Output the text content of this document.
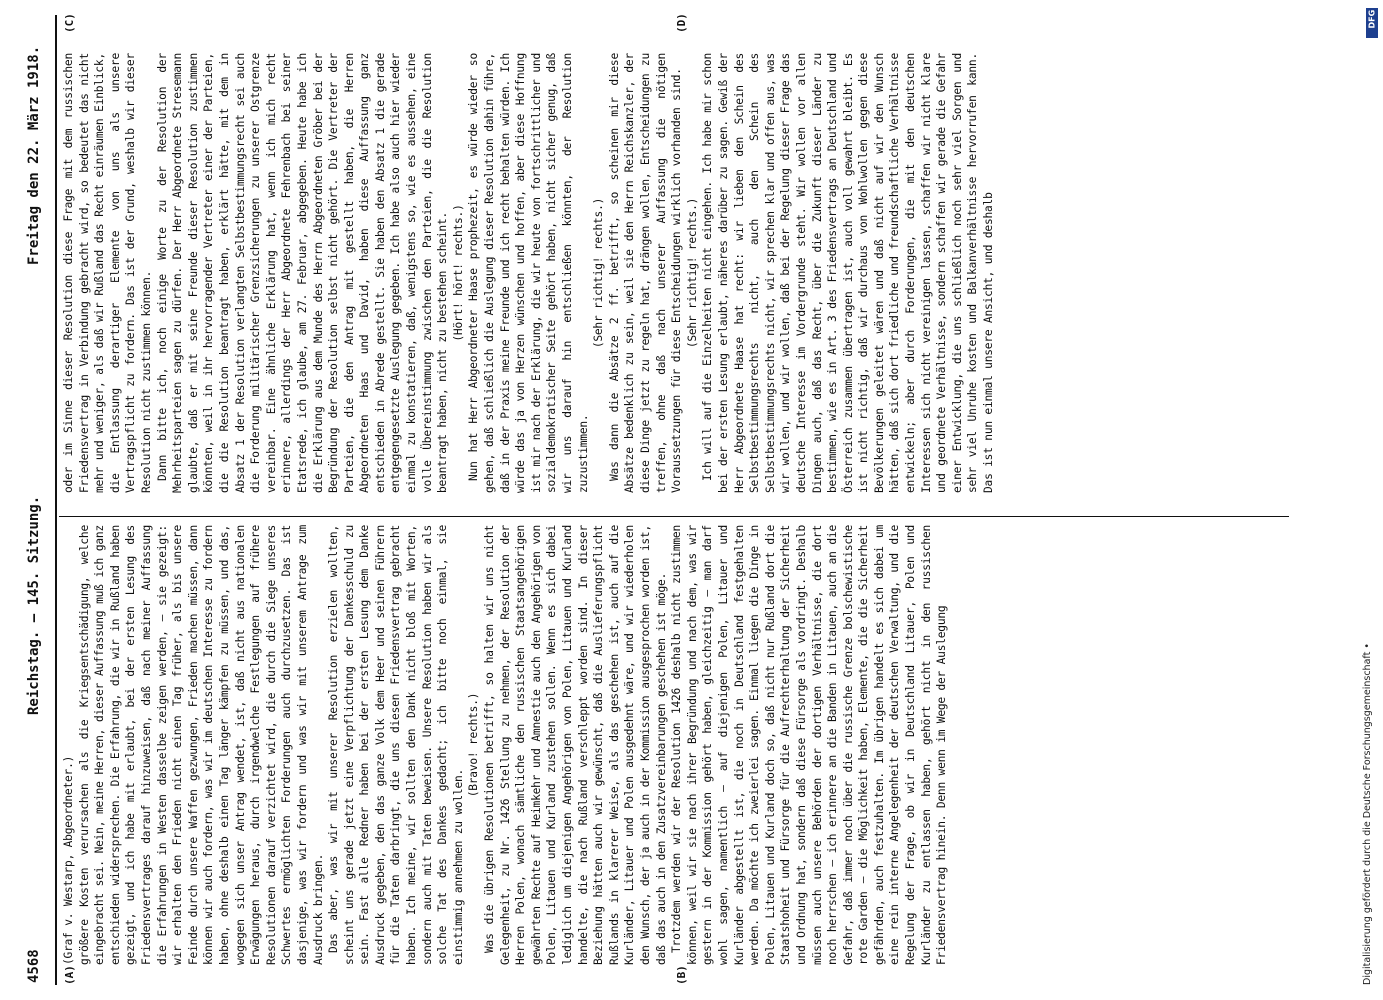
4568
Reichstag. — 145. Sitzung.
Freitag den 22. März 1918.
(A)	(B)
(C)	(D)

(Graf v. Westarp, Abgeordneter.) größere Kosten verursachen als die Kriegsentschädigung, welche eingebracht sei. Nein, meine Herren, dieser Auffassung muß ich ganz entschieden widersprechen. Die Erfahrung, die wir in Rußland haben gezeigt, und ich habe mit erlaubt, bei der ersten Lesung des Friedensvertrages darauf hinzuweisen, daß nach meiner Auffassung die Erfahrungen in Westen dasselbe zeigen werden, — sie gezeigt: wir erhalten den Frieden nicht einen Tag früher, als bis unsere Feinde durch unsere Waffen gezwungen, Frieden machen müssen, dann können wir auch fordern, was wir im deutschen Interesse zu fordern haben, ohne deshalb einen Tag länger kämpfen zu müssen, und das, wogegen sich unser Antrag wendet, ist, daß nicht aus nationalen Erwägungen heraus, durch irgendwelche Festlegungen auf frühere Resolutionen darauf verzichtet wird, die durch die Siege unseres Schwertes ermöglichten Forderungen auch durchzusetzen. Das ist dasjenige, was wir fordern und was wir mit unserem Antrage zum Ausdruck bringen. Das aber, was wir mit unserer Resolution erzielen wollten, scheint uns gerade jetzt eine Verpflichtung der Dankesschuld zu sein. Fast alle Redner haben bei der ersten Lesung dem Danke Ausdruck gegeben, den das ganze Volk dem Heer und seinen Führern für die Taten darbringt, die uns diesen Friedensvertrag gebracht haben. Ich meine, wir sollten den Dank nicht bloß mit Worten, sondern auch mit Taten beweisen. Unsere Resolution haben wir als solche Tat des Dankes gedacht; ich bitte noch einmal, sie einstimmig annehmen zu wollen.

(Bravo! rechts.) Was die übrigen Resolutionen betrifft, so halten wir uns nicht Gelegenheit, zu Nr. 1426 Stellung zu nehmen, der Resolution der Herren Polen, wonach sämtliche den russischen Staatsangehörigen gewährten Rechte auf Heimkehr und Amnestie auch den Angehörigen von Polen, Litauen und Kurland zustehen sollen. Wenn es sich dabei lediglich um diejenigen Angehörigen von Polen, Litauen und Kurland handelte, die nach Rußland verschleppt worden sind. In dieser Beziehung hätten auch wir gewünscht, daß die Auslieferungspflicht Rußlands in klarerer Weise, als das geschehen ist, auch auf die Kurländer, Litauer und Polen ausgedehnt wäre, und wir wiederholen den Wunsch, der ja auch in der Kommission ausgesprochen worden ist, daß das auch in den Zusatzvereinbarungen geschehen ist möge. Trotzdem werden wir der Resolution 1426 deshalb nicht zustimmen können, weil wir sie nach ihrer Begründung und nach dem, was wir gestern in der Kommission gehört haben, gleichzeitig — man darf wohl sagen, namentlich — auf diejenigen Polen, Litauer und Kurländer abgestellt ist, die noch in Deutschland festgehalten werden. Da möchte ich zweierlei sagen. Einmal liegen die Dinge in Polen, Litauen und Kurland doch so, daß nicht nur Rußland dort die Staatshoheit und Fürsorge für die Aufrechterhaltung der Sicherheit und Ordnung hat, sondern daß diese Fürsorge als vordringt. Deshalb müssen auch unsere Behörden der dortigen Verhältnisse, die dort noch herrschen — ich erinnere an die Banden in Litauen, auch an die Gefahr, daß immer noch über die russische Grenze bolschewistische rote Garden — die Möglichkeit haben, Elemente, die die Sicherheit gefährden, auch festzuhalten. Im übrigen handelt es sich dabei um eine rein interne Angelegenheit der deutschen Verwaltung, und die Regelung der Frage, ob wir in Deutschland Litauer, Polen und Kurländer zu entlassen haben, gehört nicht in den russischen Friedensvertrag hinein. Denn wenn im Wege der Auslegung

oder im Sinne dieser Resolution diese Frage mit dem russischen Friedensvertrag in Verbindung gebracht wird, so bedeutet das nicht mehr und weniger, als daß wir Rußland das Recht einräumen Einblick, die Entlassung derartiger Elemente von uns als unsere Vertragspflicht zu fordern. Das ist der Grund, weshalb wir dieser Resolution nicht zustimmen können. Dann bitte ich, noch einige Worte zu der Resolution der Mehrheitsparteien sagen zu dürfen. Der Herr Abgeordnete Stresemann glaubte, daß er mit seine Freunde dieser Resolution zustimmen könnten, weil in ihr hervorragender Vertreter einer der Parteien, die die Resolution beantragt haben, erklärt hätte, mit dem in Absatz 1 der Resolution verlangten Selbstbestimmungsrecht sei auch die Forderung militärischer Grenzsicherungen zu unserer Ostgrenze vereinbar. Eine ähnliche Erklärung hat, wenn ich mich recht erinnere, allerdings der Herr Abgeordnete Fehrenbach bei seiner Etatsrede, ich glaube, am 27. Februar, abgegeben. Heute habe ich die Erklärung aus dem Munde des Herrn Abgeordneten Gröber bei der Begründung der Resolution selbst nicht gehört. Die Vertreter der Parteien, die den Antrag mit gestellt haben, die Herren Abgeordneten Haas und David, haben diese Auffassung ganz entschieden in Abrede gestellt. Sie haben den Absatz 1 die gerade entgegengesetzte Auslegung gegeben. Ich habe also auch hier wieder einmal zu konstatieren, daß, wenigstens so, wie es aussehen, eine volle Übereinstimmung zwischen den Parteien, die die Resolution beantragt haben, nicht zu bestehen scheint. (Hört! hört! rechts.) Nun hat Herr Abgeordneter Haase prophezeit, es würde wieder so gehen, daß schließlich die Auslegung dieser Resolution dahin führe, daß in der Praxis meine Freunde und ich recht behalten würden. Ich würde das ja von Herzen wünschen und hoffen, aber diese Hoffnung ist mir nach der Erklärung, die wir heute von fortschrittlicher und sozialdemokratischer Seite gehört haben, nicht sicher genug, daß wir uns darauf hin entschließen könnten, der Resolution zuzustimmen.

(Sehr richtig! rechts.) Was dann die Absätze 2 ff. betrifft, so scheinen mir diese Absätze bedenklich zu sein, weil sie den Herrn Reichskanzler, der diese Dinge jetzt zu regeln hat, drängen wollen, Entscheidungen zu treffen, ohne daß nach unserer Auffassung die nötigen Voraussetzungen für diese Entscheidungen wirklich vorhanden sind. (Sehr richtig! rechts.) Ich will auf die Einzelheiten nicht eingehen. Ich habe mir schon bei der ersten Lesung erlaubt, näheres darüber zu sagen. Gewiß der Herr Abgeordnete Haase hat recht: wir lieben den Schein des Selbstbestimmungsrechts nicht, auch den Schein des Selbstbestimmungsrechts nicht, wir sprechen klar und offen aus, was wir wollen, und wir wollen, daß bei der Regelung dieser Frage das deutsche Interesse im Vordergrunde steht. Wir wollen vor allen Dingen auch, daß das Recht, über die Zukunft dieser Länder zu bestimmen, wie es in Art. 3 des Friedensvertrags an Deutschland und Österreich zusammen übertragen ist, auch voll gewahrt bleibt. Es ist nicht richtig, daß wir durchaus von Wohlwollen gegen diese Bevölkerungen geleitet wären und daß nicht auf wir den Wunsch hätten, daß sich dort friedliche und freundschaftliche Verhältnisse entwickeln; aber durch Forderungen, die mit den deutschen Interessen sich nicht vereinigen lassen, schaffen wir nicht klare und geordnete Verhältnisse, sondern schaffen wir gerade die Gefahr einer Entwicklung, die uns schließlich noch sehr viel Sorgen und sehr viel Unruhe kosten und Balkanverhältnisse hervorrufen kann. Das ist nun einmal unsere Ansicht, und deshalb

Digitalisierung gefördert durch die Deutsche Forschungsgemeinschaft •
DFG
